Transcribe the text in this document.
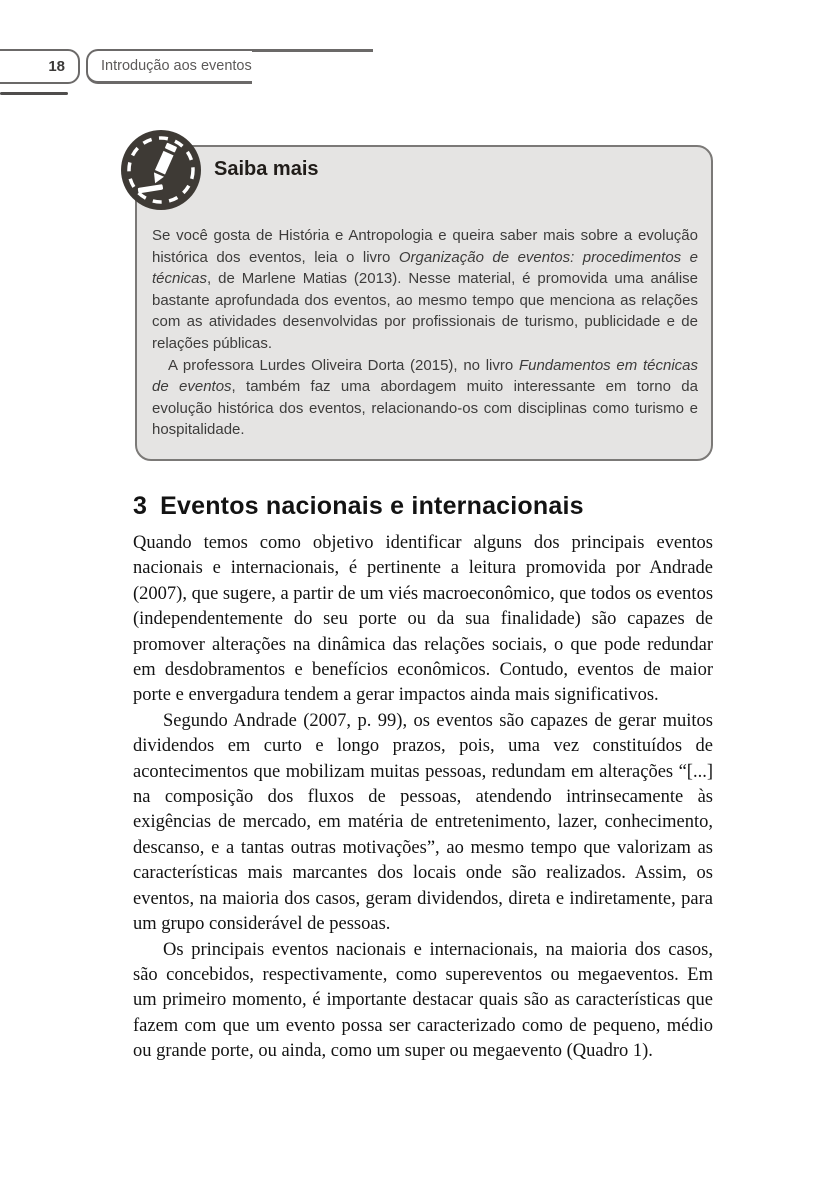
18 Introdução aos eventos
Saiba mais

Se você gosta de História e Antropologia e queira saber mais sobre a evolução histórica dos eventos, leia o livro Organização de eventos: procedimentos e técnicas, de Marlene Matias (2013). Nesse material, é promovida uma análise bastante aprofundada dos eventos, ao mesmo tempo que menciona as relações com as atividades desenvolvidas por profissionais de turismo, publicidade e de relações públicas.

A professora Lurdes Oliveira Dorta (2015), no livro Fundamentos em técnicas de eventos, também faz uma abordagem muito interessante em torno da evolução histórica dos eventos, relacionando-os com disciplinas como turismo e hospitalidade.

3 Eventos nacionais e internacionais

Quando temos como objetivo identificar alguns dos principais eventos nacionais e internacionais, é pertinente a leitura promovida por Andrade (2007), que sugere, a partir de um viés macroeconômico, que todos os eventos (independentemente do seu porte ou da sua finalidade) são capazes de promover alterações na dinâmica das relações sociais, o que pode redundar em desdobramentos e benefícios econômicos. Contudo, eventos de maior porte e envergadura tendem a gerar impactos ainda mais significativos.

Segundo Andrade (2007, p. 99), os eventos são capazes de gerar muitos dividendos em curto e longo prazos, pois, uma vez constituídos de acontecimentos que mobilizam muitas pessoas, redundam em alterações “[...] na composição dos fluxos de pessoas, atendendo intrinsecamente às exigências de mercado, em matéria de entretenimento, lazer, conhecimento, descanso, e a tantas outras motivações”, ao mesmo tempo que valorizam as características mais marcantes dos locais onde são realizados. Assim, os eventos, na maioria dos casos, geram dividendos, direta e indiretamente, para um grupo considerável de pessoas.

Os principais eventos nacionais e internacionais, na maioria dos casos, são concebidos, respectivamente, como supereventos ou megaeventos. Em um primeiro momento, é importante destacar quais são as características que fazem com que um evento possa ser caracterizado como de pequeno, médio ou grande porte, ou ainda, como um super ou megaevento (Quadro 1).
